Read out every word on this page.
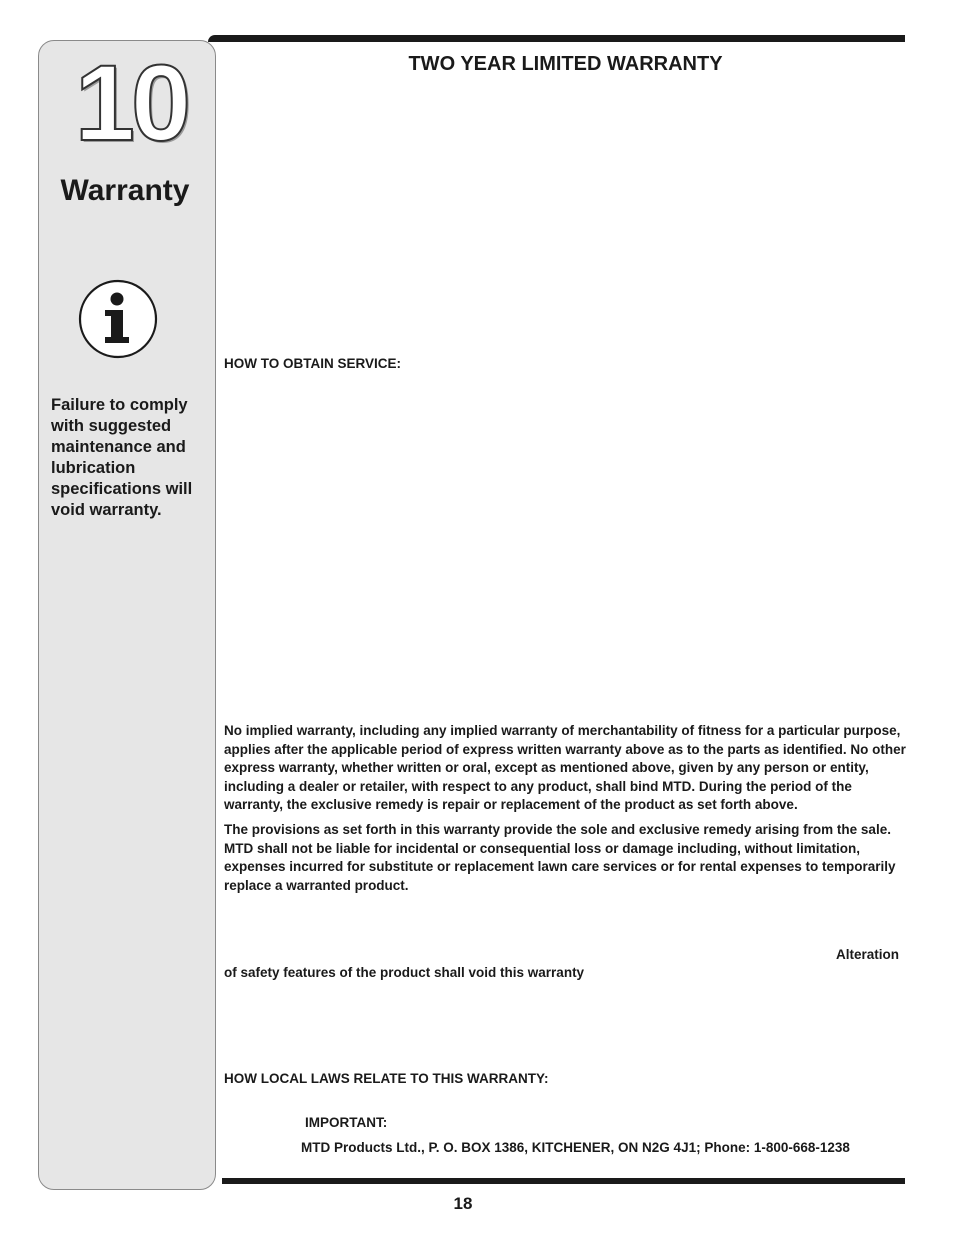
10
Warranty
Failure to comply with suggested maintenance and lubrication specifications will void warranty.
TWO YEAR LIMITED WARRANTY
HOW TO OBTAIN SERVICE:
No implied warranty, including any implied warranty of merchantability of fitness for a particular purpose, applies after the applicable period of express written warranty above as to the parts as identified. No other express warranty, whether written or oral, except as mentioned above, given by any person or entity, including a dealer or retailer, with respect to any product, shall bind MTD. During the period of the warranty, the exclusive remedy is repair or replacement of the product as set forth above.
The provisions as set forth in this warranty provide the sole and exclusive remedy arising from the sale. MTD shall not be liable for incidental or consequential loss or damage including, without limitation, expenses incurred for substitute or replacement lawn care services or for rental expenses to temporarily replace a warranted product.
Alteration
of safety features of the product shall void this warranty
HOW LOCAL LAWS RELATE TO THIS WARRANTY:
IMPORTANT:
MTD Products Ltd., P. O. BOX 1386, KITCHENER, ON N2G 4J1; Phone: 1-800-668-1238
18
